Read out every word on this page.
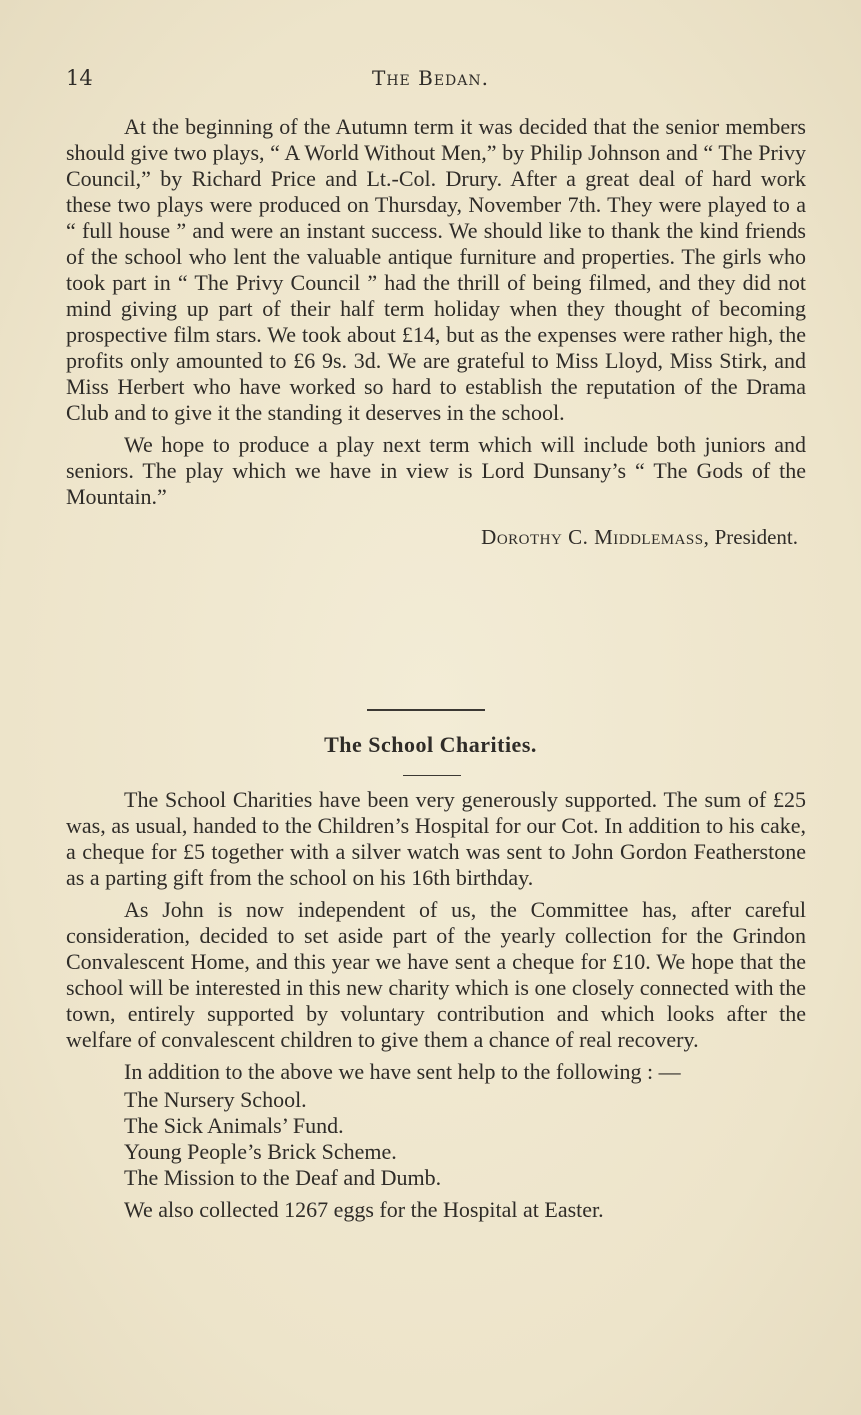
14	The Bedan.

At the beginning of the Autumn term it was decided that the senior members should give two plays, “ A World Without Men,” by Philip Johnson and “ The Privy Council,” by Richard Price and Lt.-Col. Drury. After a great deal of hard work these two plays were produced on Thursday, November 7th. They were played to a “ full house ” and were an instant success. We should like to thank the kind friends of the school who lent the valuable antique furniture and properties. The girls who took part in “ The Privy Council ” had the thrill of being filmed, and they did not mind giving up part of their half term holiday when they thought of becoming prospective film stars. We took about £14, but as the expenses were rather high, the profits only amounted to £6 9s. 3d. We are grateful to Miss Lloyd, Miss Stirk, and Miss Herbert who have worked so hard to establish the reputation of the Drama Club and to give it the standing it deserves in the school.

We hope to produce a play next term which will include both juniors and seniors. The play which we have in view is Lord Dunsany’s “ The Gods of the Mountain.”

Dorothy C. Middlemass, President.
The School Charities.

The School Charities have been very generously supported. The sum of £25 was, as usual, handed to the Children’s Hospital for our Cot. In addition to his cake, a cheque for £5 together with a silver watch was sent to John Gordon Featherstone as a parting gift from the school on his 16th birthday.

As John is now independent of us, the Committee has, after careful consideration, decided to set aside part of the yearly collection for the Grindon Convalescent Home, and this year we have sent a cheque for £10. We hope that the school will be interested in this new charity which is one closely connected with the town, entirely supported by voluntary contribution and which looks after the welfare of convalescent children to give them a chance of real recovery.

In addition to the above we have sent help to the following : —

The Nursery School.
The Sick Animals’ Fund.
Young People’s Brick Scheme.
The Mission to the Deaf and Dumb.

We also collected 1267 eggs for the Hospital at Easter.
